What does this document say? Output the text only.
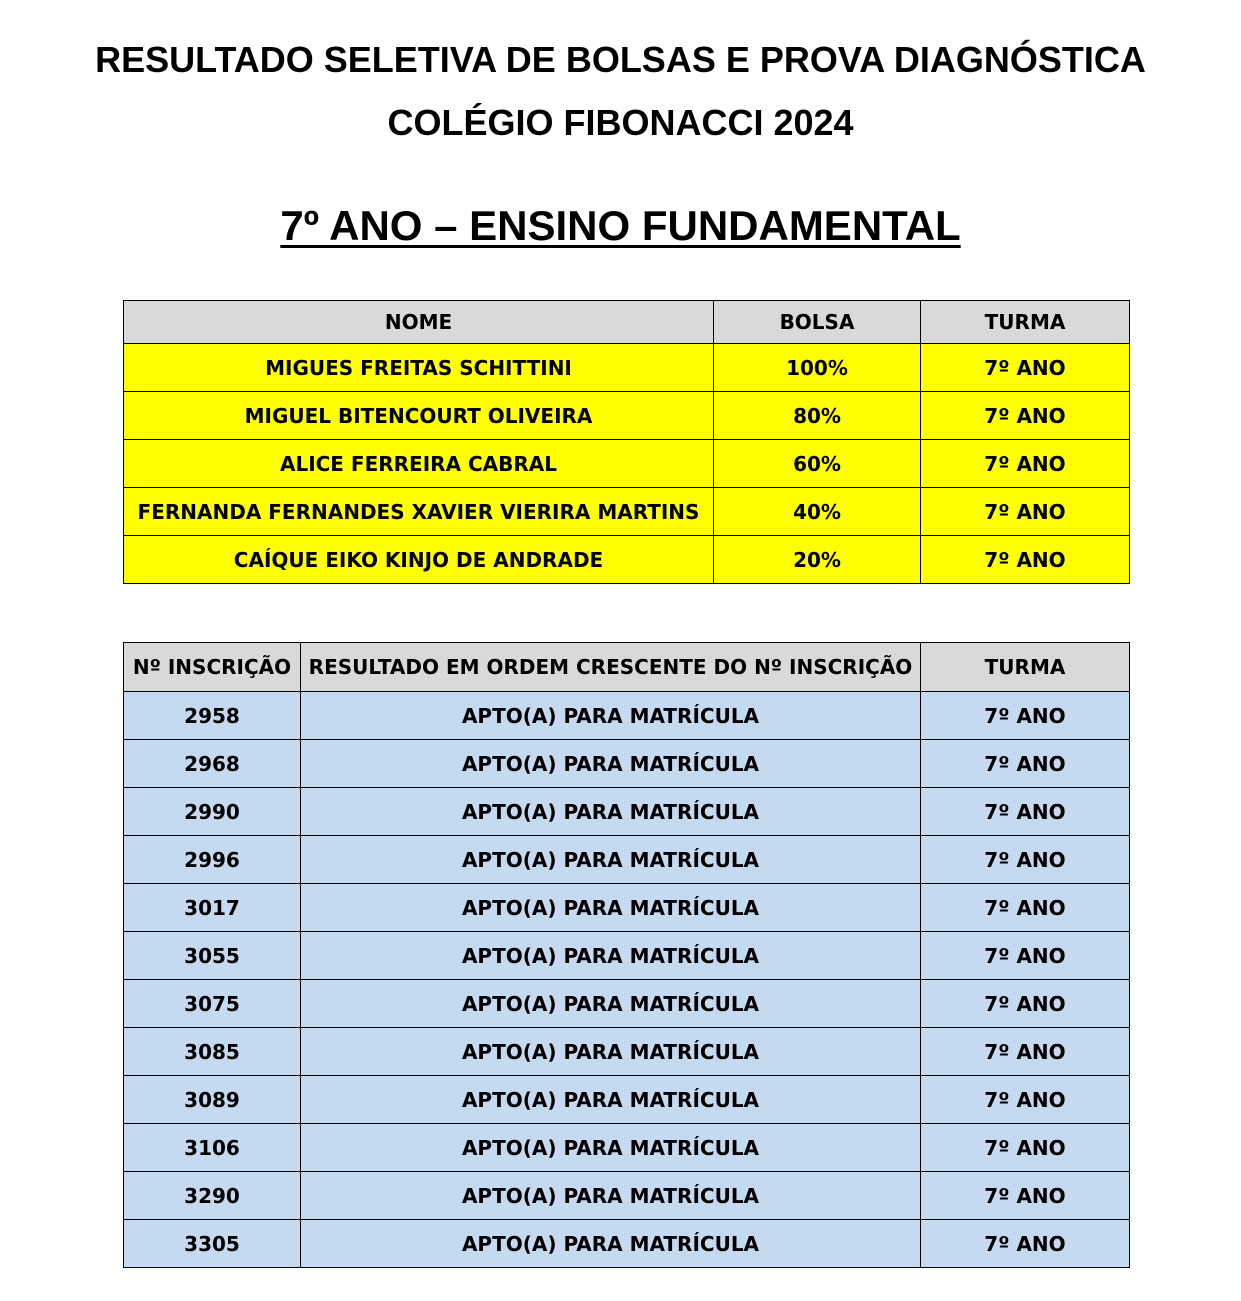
RESULTADO SELETIVA DE BOLSAS E PROVA DIAGNÓSTICA
COLÉGIO FIBONACCI 2024
7º ANO – ENSINO FUNDAMENTAL
NOME	BOLSA	TURMA
MIGUES FREITAS SCHITTINI	100%	7º ANO
MIGUEL BITENCOURT OLIVEIRA	80%	7º ANO
ALICE FERREIRA CABRAL	60%	7º ANO
FERNANDA FERNANDES XAVIER VIERIRA MARTINS	40%	7º ANO
CAÍQUE EIKO KINJO DE ANDRADE	20%	7º ANO
Nº INSCRIÇÃO	RESULTADO EM ORDEM CRESCENTE DO Nº INSCRIÇÃO	TURMA
2958	APTO(A) PARA MATRÍCULA	7º ANO
2968	APTO(A) PARA MATRÍCULA	7º ANO
2990	APTO(A) PARA MATRÍCULA	7º ANO
2996	APTO(A) PARA MATRÍCULA	7º ANO
3017	APTO(A) PARA MATRÍCULA	7º ANO
3055	APTO(A) PARA MATRÍCULA	7º ANO
3075	APTO(A) PARA MATRÍCULA	7º ANO
3085	APTO(A) PARA MATRÍCULA	7º ANO
3089	APTO(A) PARA MATRÍCULA	7º ANO
3106	APTO(A) PARA MATRÍCULA	7º ANO
3290	APTO(A) PARA MATRÍCULA	7º ANO
3305	APTO(A) PARA MATRÍCULA	7º ANO
